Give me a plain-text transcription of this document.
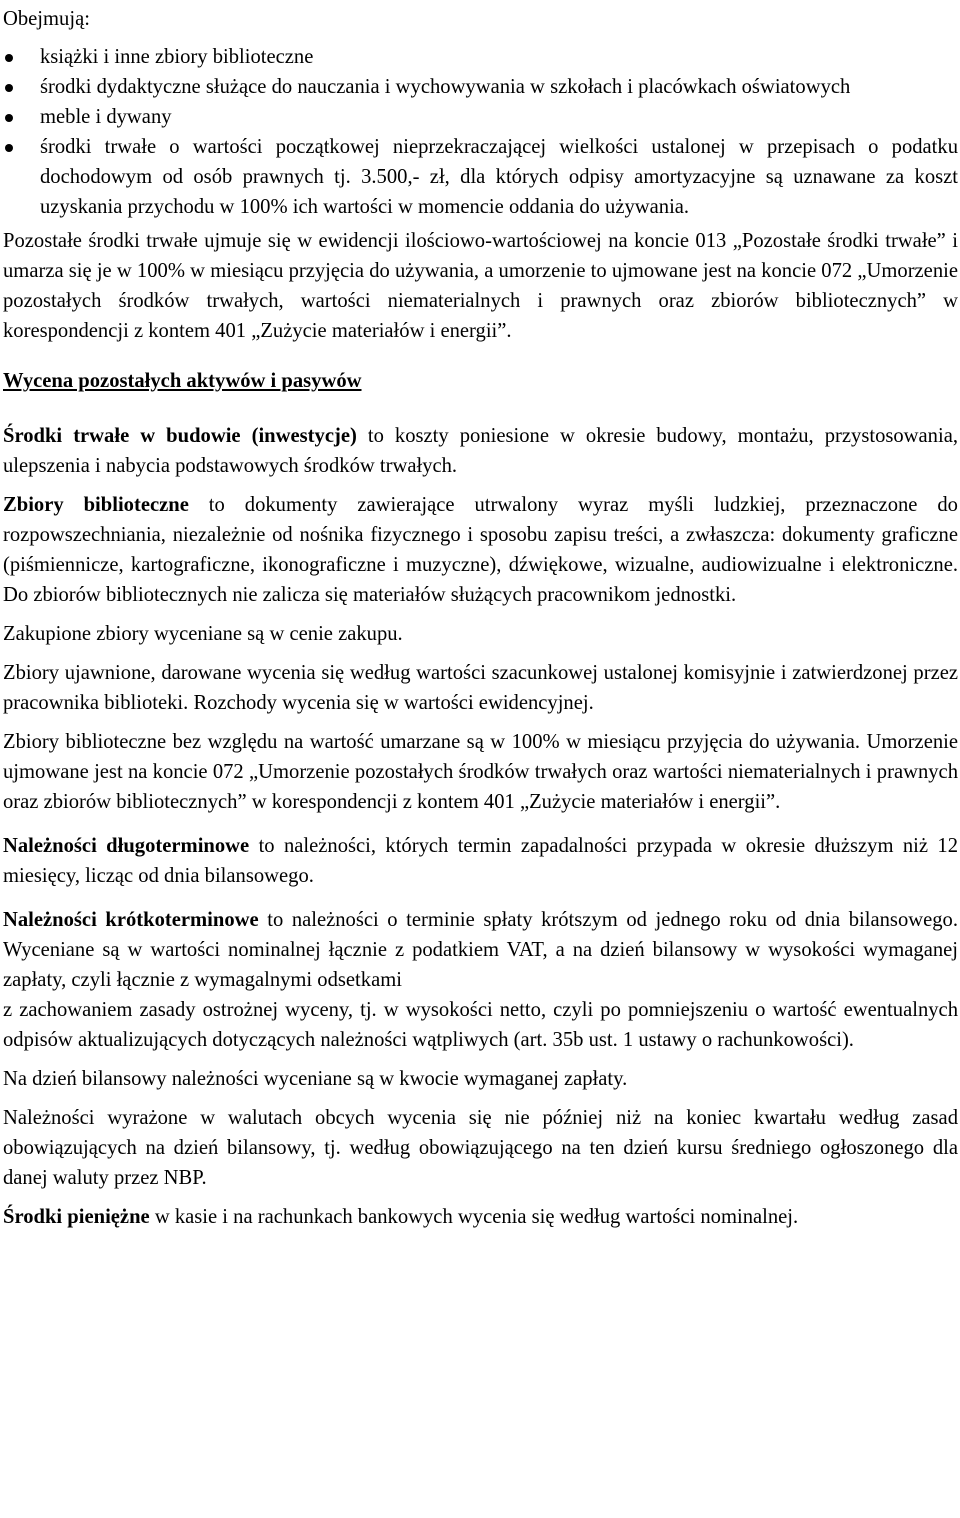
Obejmują:
książki i inne zbiory biblioteczne
środki dydaktyczne służące do nauczania i wychowywania w szkołach i placówkach oświatowych
meble i dywany
środki trwałe o wartości początkowej nieprzekraczającej wielkości ustalonej w przepisach o podatku dochodowym od osób prawnych tj. 3.500,- zł, dla których odpisy amortyzacyjne są uznawane za koszt uzyskania przychodu w 100% ich wartości w momencie oddania do używania.

Pozostałe środki trwałe ujmuje się w ewidencji ilościowo-wartościowej na koncie 013 „Pozostałe środki trwałe” i umarza się je w 100% w miesiącu przyjęcia do używania, a umorzenie to ujmowane jest na koncie 072 „Umorzenie pozostałych środków trwałych, wartości niematerialnych i prawnych oraz zbiorów bibliotecznych” w korespondencji z kontem 401 „Zużycie materiałów i energii”.

Wycena pozostałych aktywów i pasywów

Środki trwałe w budowie (inwestycje) to koszty poniesione w okresie budowy, montażu, przystosowania, ulepszenia i nabycia podstawowych środków trwałych.

Zbiory biblioteczne to dokumenty zawierające utrwalony wyraz myśli ludzkiej, przeznaczone do rozpowszechniania, niezależnie od nośnika fizycznego i sposobu zapisu treści, a zwłaszcza: dokumenty graficzne (piśmiennicze, kartograficzne, ikonograficzne i muzyczne), dźwiękowe, wizualne, audiowizualne i elektroniczne. Do zbiorów bibliotecznych nie zalicza się materiałów służących pracownikom jednostki.

Zakupione zbiory wyceniane są w cenie zakupu.

Zbiory ujawnione, darowane wycenia się według wartości szacunkowej ustalonej komisyjnie i zatwierdzonej przez pracownika biblioteki. Rozchody wycenia się w wartości ewidencyjnej.

Zbiory biblioteczne bez względu na wartość umarzane są w 100% w miesiącu przyjęcia do używania. Umorzenie ujmowane jest na koncie 072 „Umorzenie pozostałych środków trwałych oraz wartości niematerialnych i prawnych oraz zbiorów bibliotecznych” w korespondencji z kontem 401 „Zużycie materiałów i energii”.

Należności długoterminowe to należności, których termin zapadalności przypada w okresie dłuższym niż 12 miesięcy, licząc od dnia bilansowego.

Należności krótkoterminowe to należności o terminie spłaty krótszym od jednego roku od dnia bilansowego. Wyceniane są w wartości nominalnej łącznie z podatkiem VAT, a na dzień bilansowy w wysokości wymaganej zapłaty, czyli łącznie z wymagalnymi odsetkami

z zachowaniem zasady ostrożnej wyceny, tj. w wysokości netto, czyli po pomniejszeniu o wartość ewentualnych odpisów aktualizujących dotyczących należności wątpliwych (art. 35b ust. 1 ustawy o rachunkowości).

Na dzień bilansowy należności wyceniane są w kwocie wymaganej zapłaty.

Należności wyrażone w walutach obcych wycenia się nie później niż na koniec kwartału według zasad obowiązujących na dzień bilansowy, tj. według obowiązującego na ten dzień kursu średniego ogłoszonego dla danej waluty przez NBP.

Środki pieniężne w kasie i na rachunkach bankowych wycenia się według wartości nominalnej.
